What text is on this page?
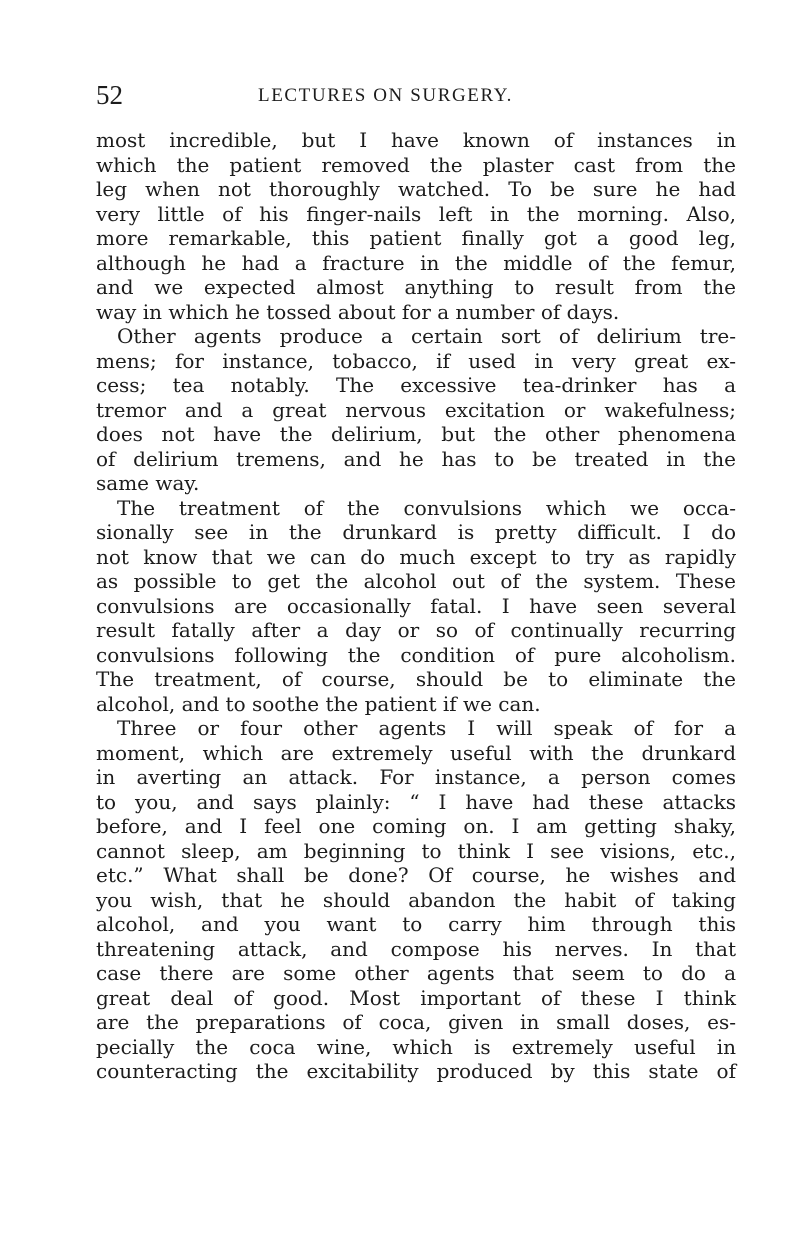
52	LECTURES ON SURGERY.
most incredible, but I have known of instances in
which the patient removed the plaster cast from the
leg when not thoroughly watched. To be sure he had
very little of his finger-nails left in the morning. Also,
more remarkable, this patient finally got a good leg,
although he had a fracture in the middle of the femur,
and we expected almost anything to result from the
way in which he tossed about for a number of days.
Other agents produce a certain sort of delirium tre-
mens; for instance, tobacco, if used in very great ex-
cess; tea notably. The excessive tea-drinker has a
tremor and a great nervous excitation or wakefulness;
does not have the delirium, but the other phenomena
of delirium tremens, and he has to be treated in the
same way.
The treatment of the convulsions which we occa-
sionally see in the drunkard is pretty difficult. I do
not know that we can do much except to try as rapidly
as possible to get the alcohol out of the system. These
convulsions are occasionally fatal. I have seen several
result fatally after a day or so of continually recurring
convulsions following the condition of pure alcoholism.
The treatment, of course, should be to eliminate the
alcohol, and to soothe the patient if we can.
Three or four other agents I will speak of for a
moment, which are extremely useful with the drunkard
in averting an attack. For instance, a person comes
to you, and says plainly: “ I have had these attacks
before, and I feel one coming on. I am getting shaky,
cannot sleep, am beginning to think I see visions, etc.,
etc.” What shall be done? Of course, he wishes and
you wish, that he should abandon the habit of taking
alcohol, and you want to carry him through this
threatening attack, and compose his nerves. In that
case there are some other agents that seem to do a
great deal of good. Most important of these I think
are the preparations of coca, given in small doses, es-
pecially the coca wine, which is extremely useful in
counteracting the excitability produced by this state of
